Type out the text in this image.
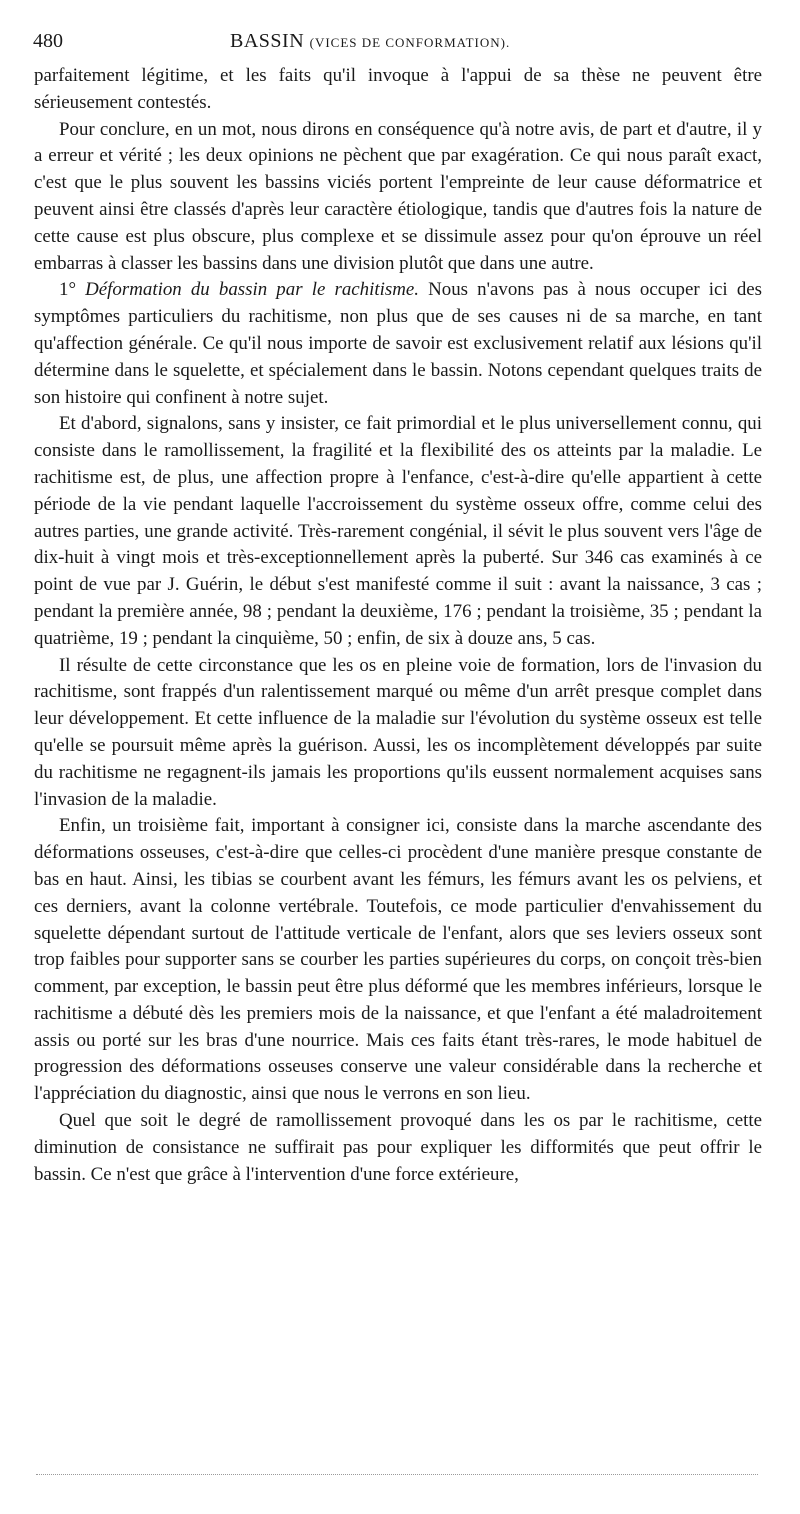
480	BASSIN (VICES DE CONFORMATION).

parfaitement légitime, et les faits qu'il invoque à l'appui de sa thèse ne peuvent être sérieusement contestés.

Pour conclure, en un mot, nous dirons en conséquence qu'à notre avis, de part et d'autre, il y a erreur et vérité ; les deux opinions ne pèchent que par exagération. Ce qui nous paraît exact, c'est que le plus souvent les bassins viciés portent l'empreinte de leur cause déformatrice et peuvent ainsi être classés d'après leur caractère étiologique, tandis que d'autres fois la nature de cette cause est plus obscure, plus complexe et se dissimule assez pour qu'on éprouve un réel embarras à classer les bassins dans une division plutôt que dans une autre.

1° Déformation du bassin par le rachitisme. Nous n'avons pas à nous occuper ici des symptômes particuliers du rachitisme, non plus que de ses causes ni de sa marche, en tant qu'affection générale. Ce qu'il nous importe de savoir est exclusivement relatif aux lésions qu'il détermine dans le squelette, et spécialement dans le bassin. Notons cependant quelques traits de son histoire qui confinent à notre sujet.

Et d'abord, signalons, sans y insister, ce fait primordial et le plus universellement connu, qui consiste dans le ramollissement, la fragilité et la flexibilité des os atteints par la maladie. Le rachitisme est, de plus, une affection propre à l'enfance, c'est-à-dire qu'elle appartient à cette période de la vie pendant laquelle l'accroissement du système osseux offre, comme celui des autres parties, une grande activité. Très-rarement congénial, il sévit le plus souvent vers l'âge de dix-huit à vingt mois et très-exceptionnellement après la puberté. Sur 346 cas examinés à ce point de vue par J. Guérin, le début s'est manifesté comme il suit : avant la naissance, 3 cas ; pendant la première année, 98 ; pendant la deuxième, 176 ; pendant la troisième, 35 ; pendant la quatrième, 19 ; pendant la cinquième, 50 ; enfin, de six à douze ans, 5 cas.

Il résulte de cette circonstance que les os en pleine voie de formation, lors de l'invasion du rachitisme, sont frappés d'un ralentissement marqué ou même d'un arrêt presque complet dans leur développement. Et cette influence de la maladie sur l'évolution du système osseux est telle qu'elle se poursuit même après la guérison. Aussi, les os incomplètement développés par suite du rachitisme ne regagnent-ils jamais les proportions qu'ils eussent normalement acquises sans l'invasion de la maladie.

Enfin, un troisième fait, important à consigner ici, consiste dans la marche ascendante des déformations osseuses, c'est-à-dire que celles-ci procèdent d'une manière presque constante de bas en haut. Ainsi, les tibias se courbent avant les fémurs, les fémurs avant les os pelviens, et ces derniers, avant la colonne vertébrale. Toutefois, ce mode particulier d'envahissement du squelette dépendant surtout de l'attitude verticale de l'enfant, alors que ses leviers osseux sont trop faibles pour supporter sans se courber les parties supérieures du corps, on conçoit très-bien comment, par exception, le bassin peut être plus déformé que les membres inférieurs, lorsque le rachitisme a débuté dès les premiers mois de la naissance, et que l'enfant a été maladroitement assis ou porté sur les bras d'une nourrice. Mais ces faits étant très-rares, le mode habituel de progression des déformations osseuses conserve une valeur considérable dans la recherche et l'appréciation du diagnostic, ainsi que nous le verrons en son lieu.

Quel que soit le degré de ramollissement provoqué dans les os par le rachitisme, cette diminution de consistance ne suffirait pas pour expliquer les difformités que peut offrir le bassin. Ce n'est que grâce à l'intervention d'une force extérieure,
